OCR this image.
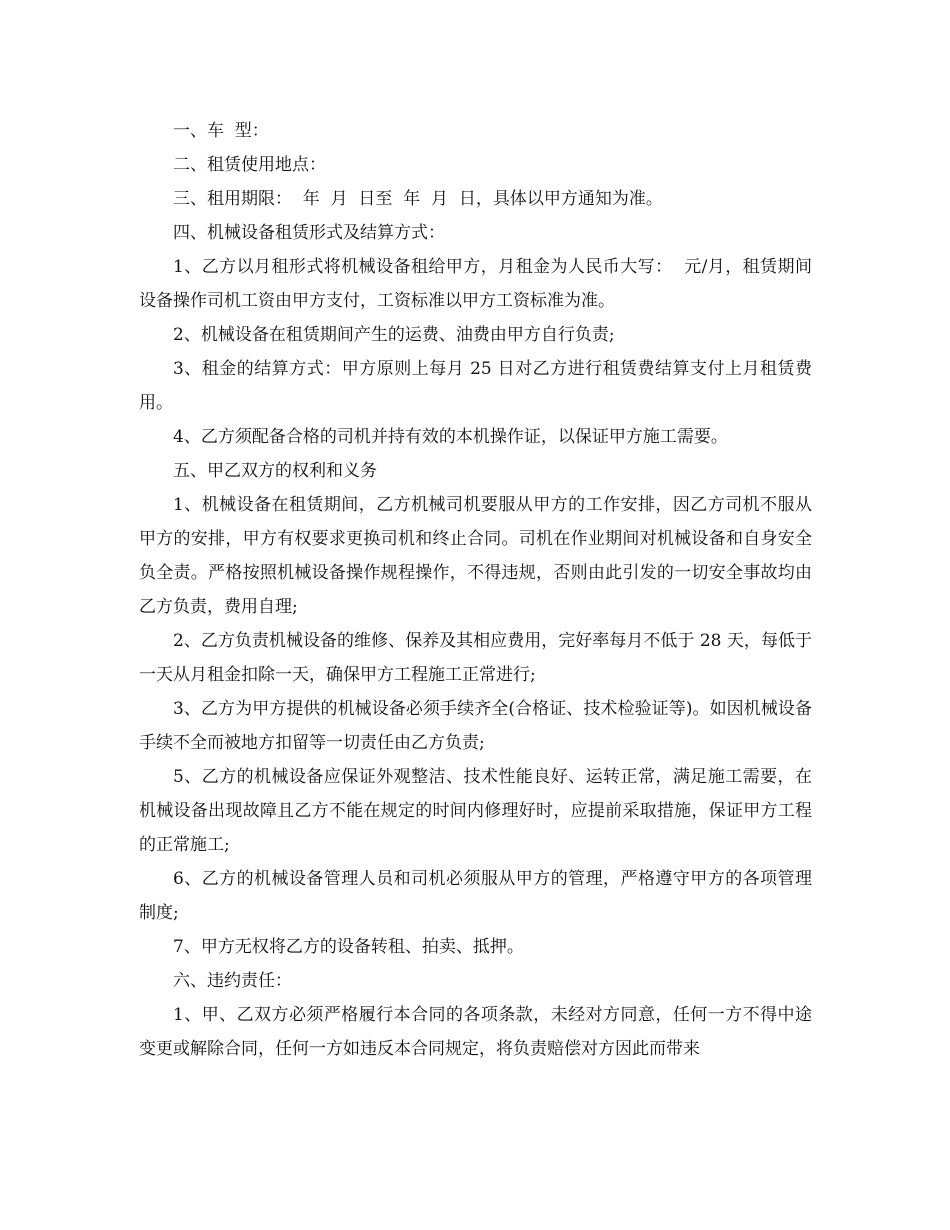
一、车  型：

二、租赁使用地点：

三、租用期限：  年  月  日至  年  月  日，具体以甲方通知为准。

四、机械设备租赁形式及结算方式：

1、乙方以月租形式将机械设备租给甲方，月租金为人民币大写：  元/月，租赁期间设备操作司机工资由甲方支付，工资标准以甲方工资标准为准。

2、机械设备在租赁期间产生的运费、油费由甲方自行负责;

3、租金的结算方式：甲方原则上每月 25 日对乙方进行租赁费结算支付上月租赁费用。

4、乙方须配备合格的司机并持有效的本机操作证，以保证甲方施工需要。

五、甲乙双方的权利和义务

1、机械设备在租赁期间，乙方机械司机要服从甲方的工作安排，因乙方司机不服从甲方的安排，甲方有权要求更换司机和终止合同。司机在作业期间对机械设备和自身安全负全责。严格按照机械设备操作规程操作，不得违规，否则由此引发的一切安全事故均由乙方负责，费用自理;

2、乙方负责机械设备的维修、保养及其相应费用，完好率每月不低于 28 天，每低于一天从月租金扣除一天，确保甲方工程施工正常进行;

3、乙方为甲方提供的机械设备必须手续齐全(合格证、技术检验证等)。如因机械设备手续不全而被地方扣留等一切责任由乙方负责;

5、乙方的机械设备应保证外观整洁、技术性能良好、运转正常，满足施工需要，在机械设备出现故障且乙方不能在规定的时间内修理好时，应提前采取措施，保证甲方工程的正常施工;

6、乙方的机械设备管理人员和司机必须服从甲方的管理，严格遵守甲方的各项管理制度;

7、甲方无权将乙方的设备转租、拍卖、抵押。

六、违约责任：

1、甲、乙双方必须严格履行本合同的各项条款，未经对方同意，任何一方不得中途变更或解除合同，任何一方如违反本合同规定，将负责赔偿对方因此而带来
